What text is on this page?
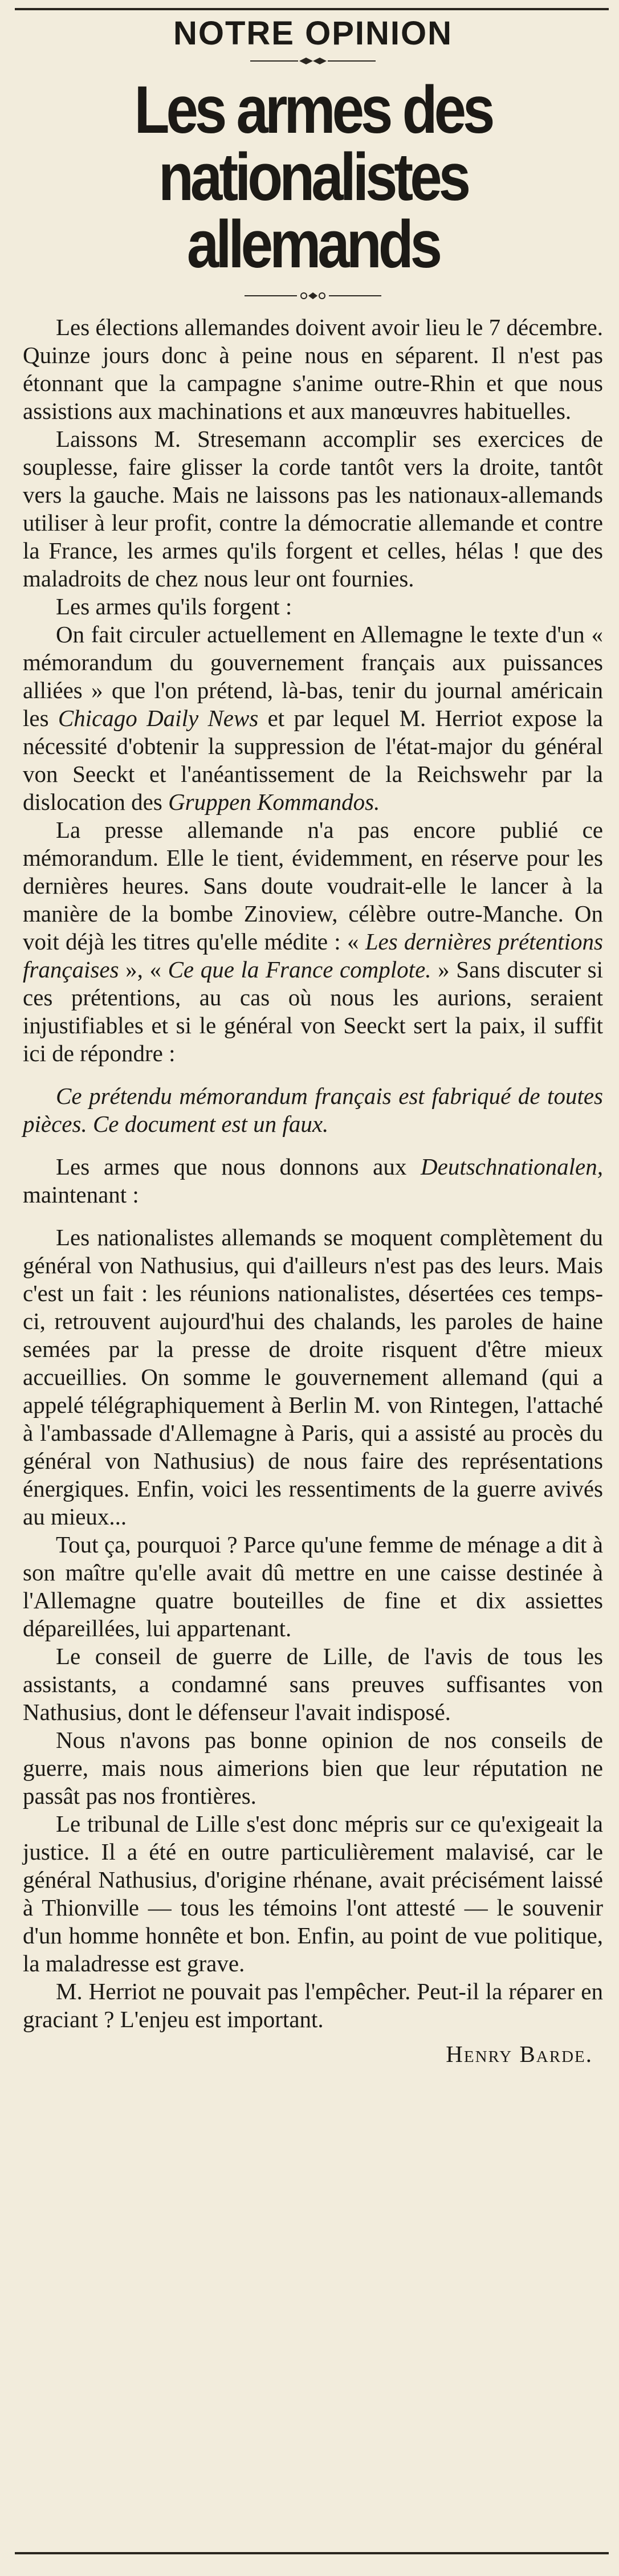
NOTRE OPINION
Les armes des nationalistes
allemands

Les élections allemandes doivent avoir lieu le 7 décembre. Quinze jours donc à peine nous en séparent. Il n'est pas étonnant que la campagne s'anime outre-Rhin et que nous assistions aux machinations et aux manœuvres habituelles.

Laissons M. Stresemann accomplir ses exercices de souplesse, faire glisser la corde tantôt vers la droite, tantôt vers la gauche. Mais ne laissons pas les nationaux-allemands utiliser à leur profit, contre la démocratie allemande et contre la France, les armes qu'ils forgent et celles, hélas ! que des maladroits de chez nous leur ont fournies.

Les armes qu'ils forgent :

On fait circuler actuellement en Allemagne le texte d'un « mémorandum du gouvernement français aux puissances alliées » que l'on prétend, là-bas, tenir du journal américain les Chicago Daily News et par lequel M. Herriot expose la nécessité d'obtenir la suppression de l'état-major du général von Seeckt et l'anéantissement de la Reichswehr par la dislocation des Gruppen Kommandos.

La presse allemande n'a pas encore publié ce mémorandum. Elle le tient, évidemment, en réserve pour les dernières heures. Sans doute voudrait-elle le lancer à la manière de la bombe Zinoview, célèbre outre-Manche. On voit déjà les titres qu'elle médite : « Les dernières prétentions françaises », « Ce que la France complote. » Sans discuter si ces prétentions, au cas où nous les aurions, seraient injustifiables et si le général von Seeckt sert la paix, il suffit ici de répondre :

Ce prétendu mémorandum français est fabriqué de toutes pièces. Ce document est un faux.

Les armes que nous donnons aux Deutschnationalen, maintenant :

Les nationalistes allemands se moquent complètement du général von Nathusius, qui d'ailleurs n'est pas des leurs. Mais c'est un fait : les réunions nationalistes, désertées ces temps-ci, retrouvent aujourd'hui des chalands, les paroles de haine semées par la presse de droite risquent d'être mieux accueillies. On somme le gouvernement allemand (qui a appelé télégraphiquement à Berlin M. von Rintegen, l'attaché à l'ambassade d'Allemagne à Paris, qui a assisté au procès du général von Nathusius) de nous faire des représentations énergiques. Enfin, voici les ressentiments de la guerre avivés au mieux...

Tout ça, pourquoi ? Parce qu'une femme de ménage a dit à son maître qu'elle avait dû mettre en une caisse destinée à l'Allemagne quatre bouteilles de fine et dix assiettes dépareillées, lui appartenant.

Le conseil de guerre de Lille, de l'avis de tous les assistants, a condamné sans preuves suffisantes von Nathusius, dont le défenseur l'avait indisposé.

Nous n'avons pas bonne opinion de nos conseils de guerre, mais nous aimerions bien que leur réputation ne passât pas nos frontières.

Le tribunal de Lille s'est donc mépris sur ce qu'exigeait la justice. Il a été en outre particulièrement malavisé, car le général Nathusius, d'origine rhénane, avait précisément laissé à Thionville — tous les témoins l'ont attesté — le souvenir d'un homme honnête et bon. Enfin, au point de vue politique, la maladresse est grave.

M. Herriot ne pouvait pas l'empêcher. Peut-il la réparer en graciant ? L'enjeu est important.

Henry Barde.
